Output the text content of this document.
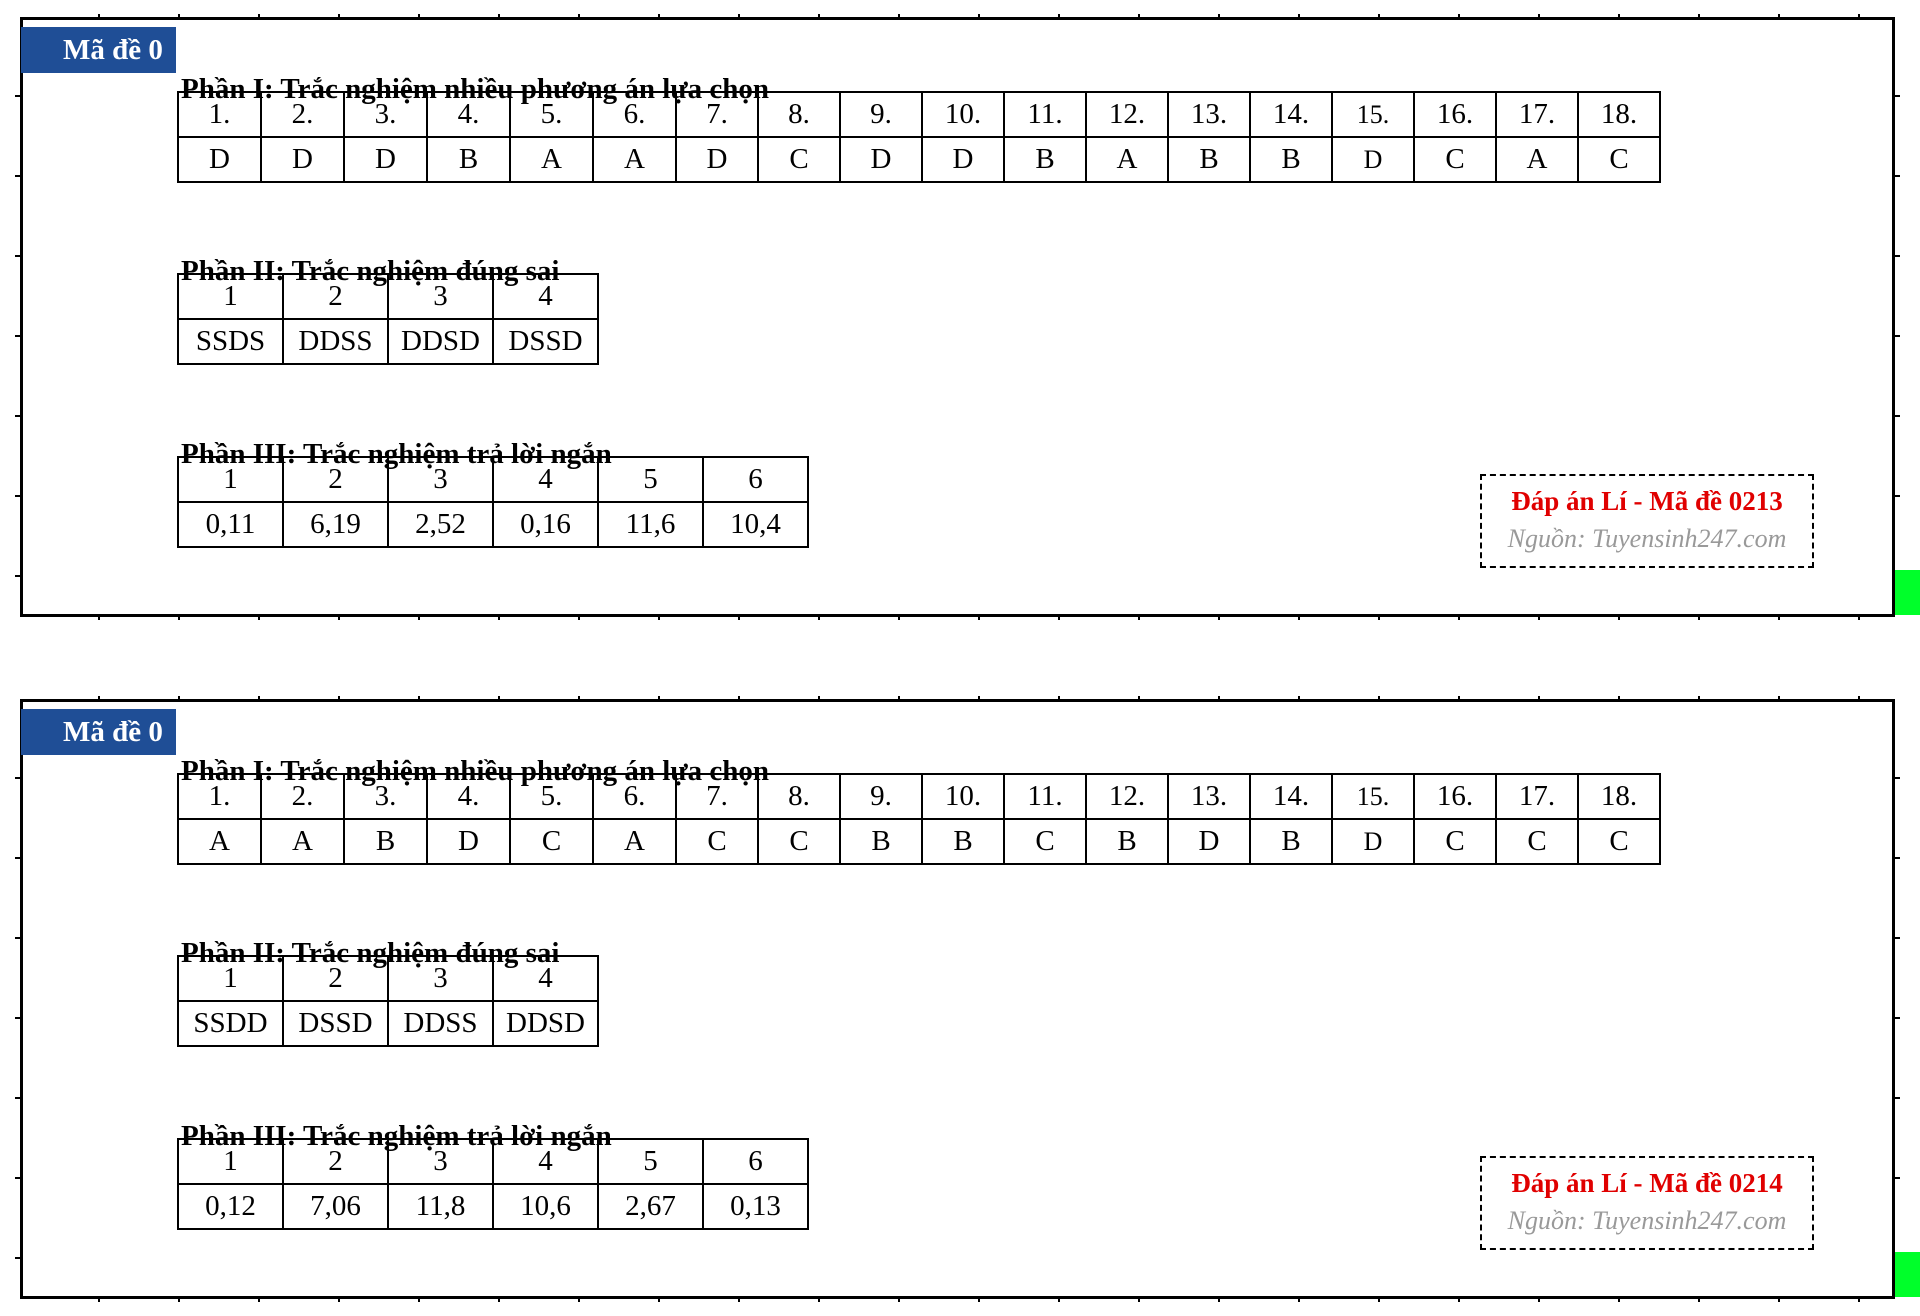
Mã đề 0
Phần I: Trắc nghiệm nhiều phương án lựa chọn
1.	2.	3.	4.	5.	6.	7.	8.	9.	10.	11.	12.	13.	14.	15.	16.	17.	18.
D	D	D	B	A	A	D	C	D	D	B	A	B	B	D	C	A	C
Phần II: Trắc nghiệm đúng sai
1	2	3	4
SSDS	DDSS	DDSD	DSSD
Phần III: Trắc nghiệm trả lời ngắn
1	2	3	4	5	6
0,11	6,19	2,52	0,16	11,6	10,4
Đáp án Lí - Mã đề 0213
Nguồn: Tuyensinh247.com
Mã đề 0
Phần I: Trắc nghiệm nhiều phương án lựa chọn
1.	2.	3.	4.	5.	6.	7.	8.	9.	10.	11.	12.	13.	14.	15.	16.	17.	18.
A	A	B	D	C	A	C	C	B	B	C	B	D	B	D	C	C	C
Phần II: Trắc nghiệm đúng sai
1	2	3	4
SSDD	DSSD	DDSS	DDSD
Phần III: Trắc nghiệm trả lời ngắn
1	2	3	4	5	6
0,12	7,06	11,8	10,6	2,67	0,13
Đáp án Lí - Mã đề 0214
Nguồn: Tuyensinh247.com
